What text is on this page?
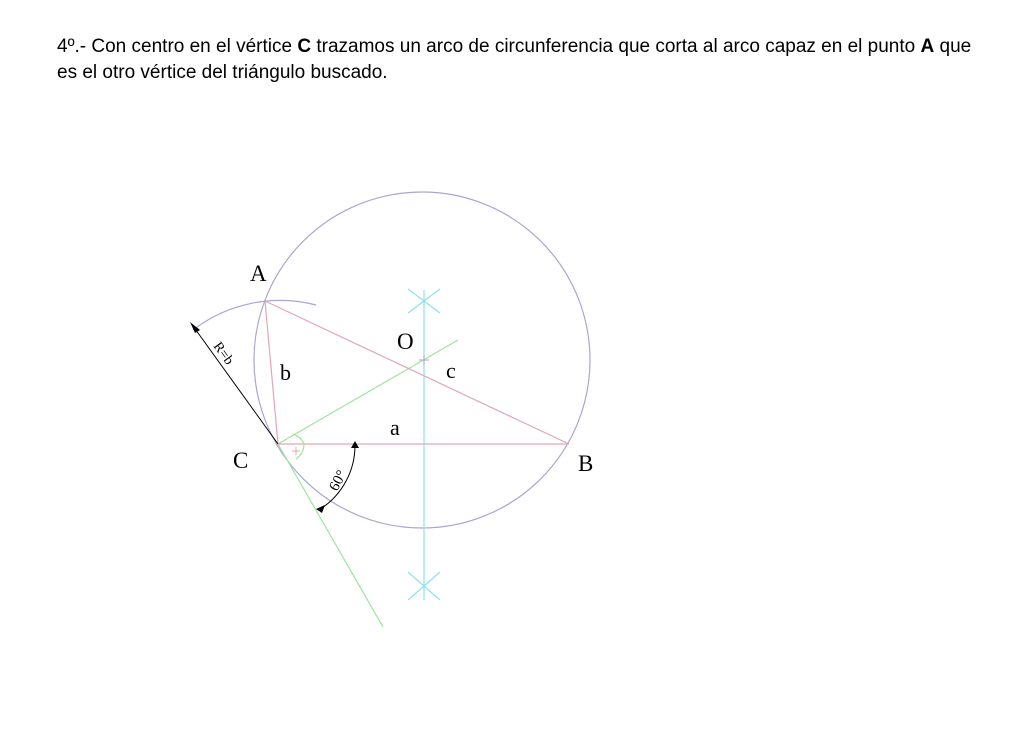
4º.- Con centro en el vértice C trazamos un arco de circunferencia que corta al arco capaz en el punto A que es el otro vértice del triángulo buscado.
A
B
C
O
a
b	c
R=b
60°
